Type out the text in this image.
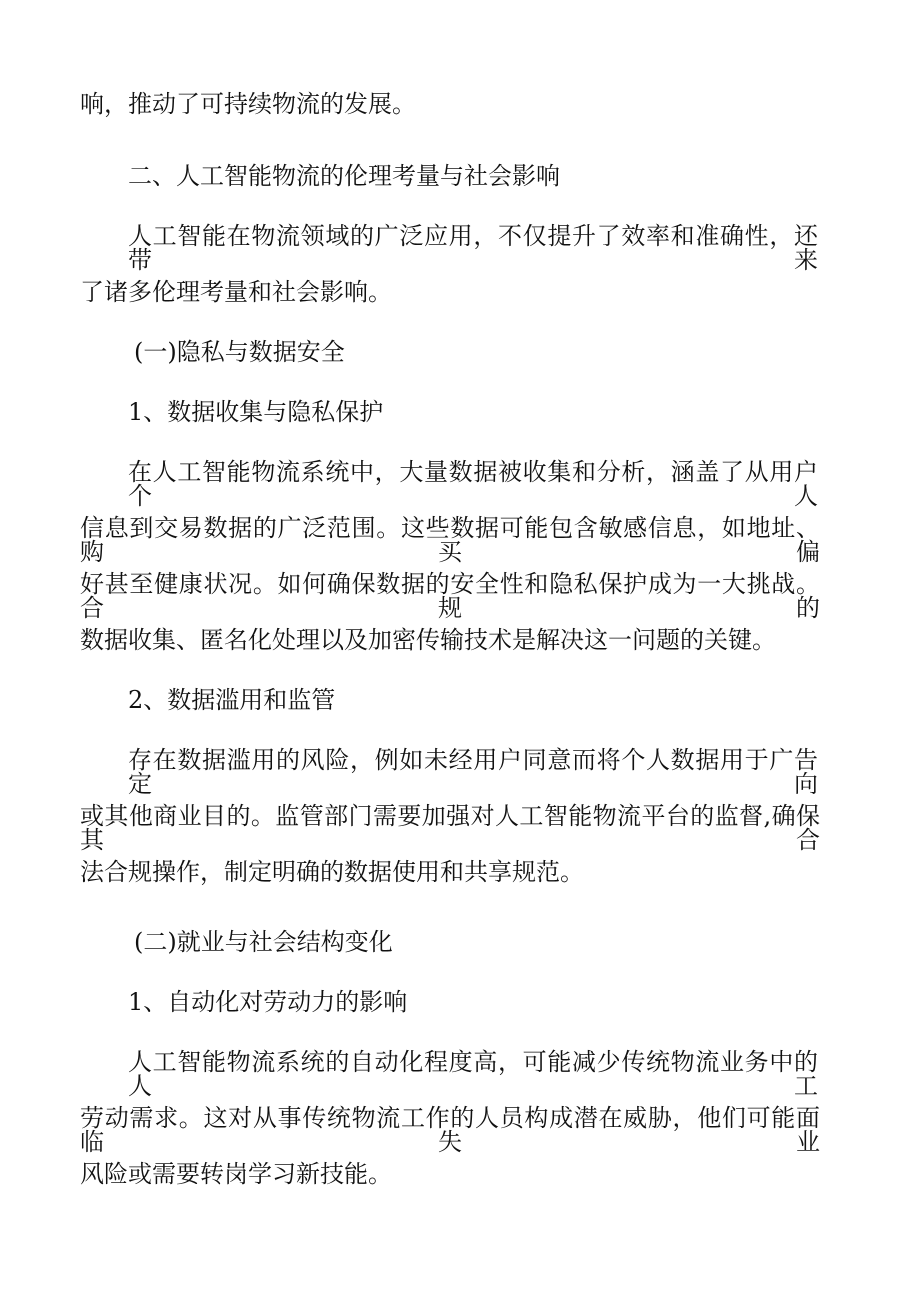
响，推动了可持续物流的发展。
二、人工智能物流的伦理考量与社会影响
人工智能在物流领域的广泛应用，不仅提升了效率和准确性，还带来
了诸多伦理考量和社会影响。
(一)隐私与数据安全
1、数据收集与隐私保护
在人工智能物流系统中，大量数据被收集和分析，涵盖了从用户个人
信息到交易数据的广泛范围。这些数据可能包含敏感信息，如地址、购买偏
好甚至健康状况。如何确保数据的安全性和隐私保护成为一大挑战。合规的
数据收集、匿名化处理以及加密传输技术是解决这一问题的关键。
2、数据滥用和监管
存在数据滥用的风险，例如未经用户同意而将个人数据用于广告定向
或其他商业目的。监管部门需要加强对人工智能物流平台的监督,确保其合
法合规操作，制定明确的数据使用和共享规范。
(二)就业与社会结构变化
1、自动化对劳动力的影响
人工智能物流系统的自动化程度高，可能减少传统物流业务中的人工
劳动需求。这对从事传统物流工作的人员构成潜在威胁，他们可能面临失业
风险或需要转岗学习新技能。
